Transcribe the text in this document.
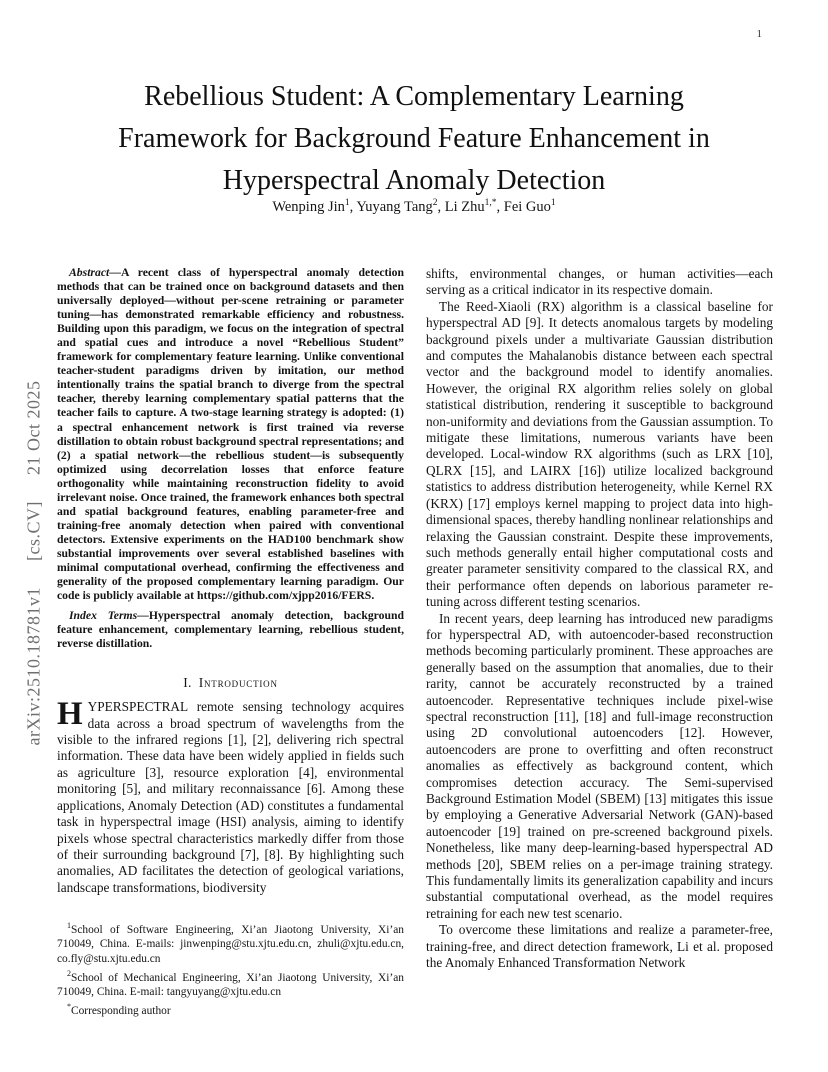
1
arXiv:2510.18781v1
[cs.CV]
21 Oct 2025
Rebellious Student: A Complementary Learning
Framework for Background Feature Enhancement in
Hyperspectral Anomaly Detection
Wenping Jin$^1$, Yuyang Tang$^2$, Li Zhu$^{1,*}$, Fei Guo$^1$

Abstract—A recent class of hyperspectral anomaly detection methods that can be trained once on background datasets and then universally deployed—without per-scene retraining or parameter tuning—has demonstrated remarkable efficiency and robustness. Building upon this paradigm, we focus on the integration of spectral and spatial cues and introduce a novel “Rebellious Student” framework for complementary feature learning. Unlike conventional teacher-student paradigms driven by imitation, our method intentionally trains the spatial branch to diverge from the spectral teacher, thereby learning complementary spatial patterns that the teacher fails to capture. A two-stage learning strategy is adopted: (1) a spectral enhancement network is first trained via reverse distillation to obtain robust background spectral representations; and (2) a spatial network—the rebellious student—is subsequently optimized using decorrelation losses that enforce feature orthogonality while maintaining reconstruction fidelity to avoid irrelevant noise. Once trained, the framework enhances both spectral and spatial background features, enabling parameter-free and training-free anomaly detection when paired with conventional detectors. Extensive experiments on the HAD100 benchmark show substantial improvements over several established baselines with minimal computational overhead, confirming the effectiveness and generality of the proposed complementary learning paradigm. Our code is publicly available at https://github.com/xjpp2016/FERS.

Index Terms—Hyperspectral anomaly detection, background feature enhancement, complementary learning, rebellious student, reverse distillation.

I. Introduction

HYPERSPECTRAL remote sensing technology acquires data across a broad spectrum of wavelengths from the visible to the infrared regions [1], [2], delivering rich spectral information. These data have been widely applied in fields such as agriculture [3], resource exploration [4], environmental monitoring [5], and military reconnaissance [6]. Among these applications, Anomaly Detection (AD) constitutes a fundamental task in hyperspectral image (HSI) analysis, aiming to identify pixels whose spectral characteristics markedly differ from those of their surrounding background [7], [8]. By highlighting such anomalies, AD facilitates the detection of geological variations, landscape transformations, biodiversity

$^1$School of Software Engineering, Xi’an Jiaotong University, Xi’an 710049, China. E-mails: jinwenping@stu.xjtu.edu.cn, zhuli@xjtu.edu.cn, co.fly@stu.xjtu.edu.cn

$^2$School of Mechanical Engineering, Xi’an Jiaotong University, Xi’an 710049, China. E-mail: tangyuyang@xjtu.edu.cn

*Corresponding author

shifts, environmental changes, or human activities—each serving as a critical indicator in its respective domain.

The Reed-Xiaoli (RX) algorithm is a classical baseline for hyperspectral AD [9]. It detects anomalous targets by modeling background pixels under a multivariate Gaussian distribution and computes the Mahalanobis distance between each spectral vector and the background model to identify anomalies. However, the original RX algorithm relies solely on global statistical distribution, rendering it susceptible to background non-uniformity and deviations from the Gaussian assumption. To mitigate these limitations, numerous variants have been developed. Local-window RX algorithms (such as LRX [10], QLRX [15], and LAIRX [16]) utilize localized background statistics to address distribution heterogeneity, while Kernel RX (KRX) [17] employs kernel mapping to project data into high-dimensional spaces, thereby handling nonlinear relationships and relaxing the Gaussian constraint. Despite these improvements, such methods generally entail higher computational costs and greater parameter sensitivity compared to the classical RX, and their performance often depends on laborious parameter re-tuning across different testing scenarios.

In recent years, deep learning has introduced new paradigms for hyperspectral AD, with autoencoder-based reconstruction methods becoming particularly prominent. These approaches are generally based on the assumption that anomalies, due to their rarity, cannot be accurately reconstructed by a trained autoencoder. Representative techniques include pixel-wise spectral reconstruction [11], [18] and full-image reconstruction using 2D convolutional autoencoders [12]. However, autoencoders are prone to overfitting and often reconstruct anomalies as effectively as background content, which compromises detection accuracy. The Semi-supervised Background Estimation Model (SBEM) [13] mitigates this issue by employing a Generative Adversarial Network (GAN)-based autoencoder [19] trained on pre-screened background pixels. Nonetheless, like many deep-learning-based hyperspectral AD methods [20], SBEM relies on a per-image training strategy. This fundamentally limits its generalization capability and incurs substantial computational overhead, as the model requires retraining for each new test scenario.

To overcome these limitations and realize a parameter-free, training-free, and direct detection framework, Li et al. proposed the Anomaly Enhanced Transformation Network
